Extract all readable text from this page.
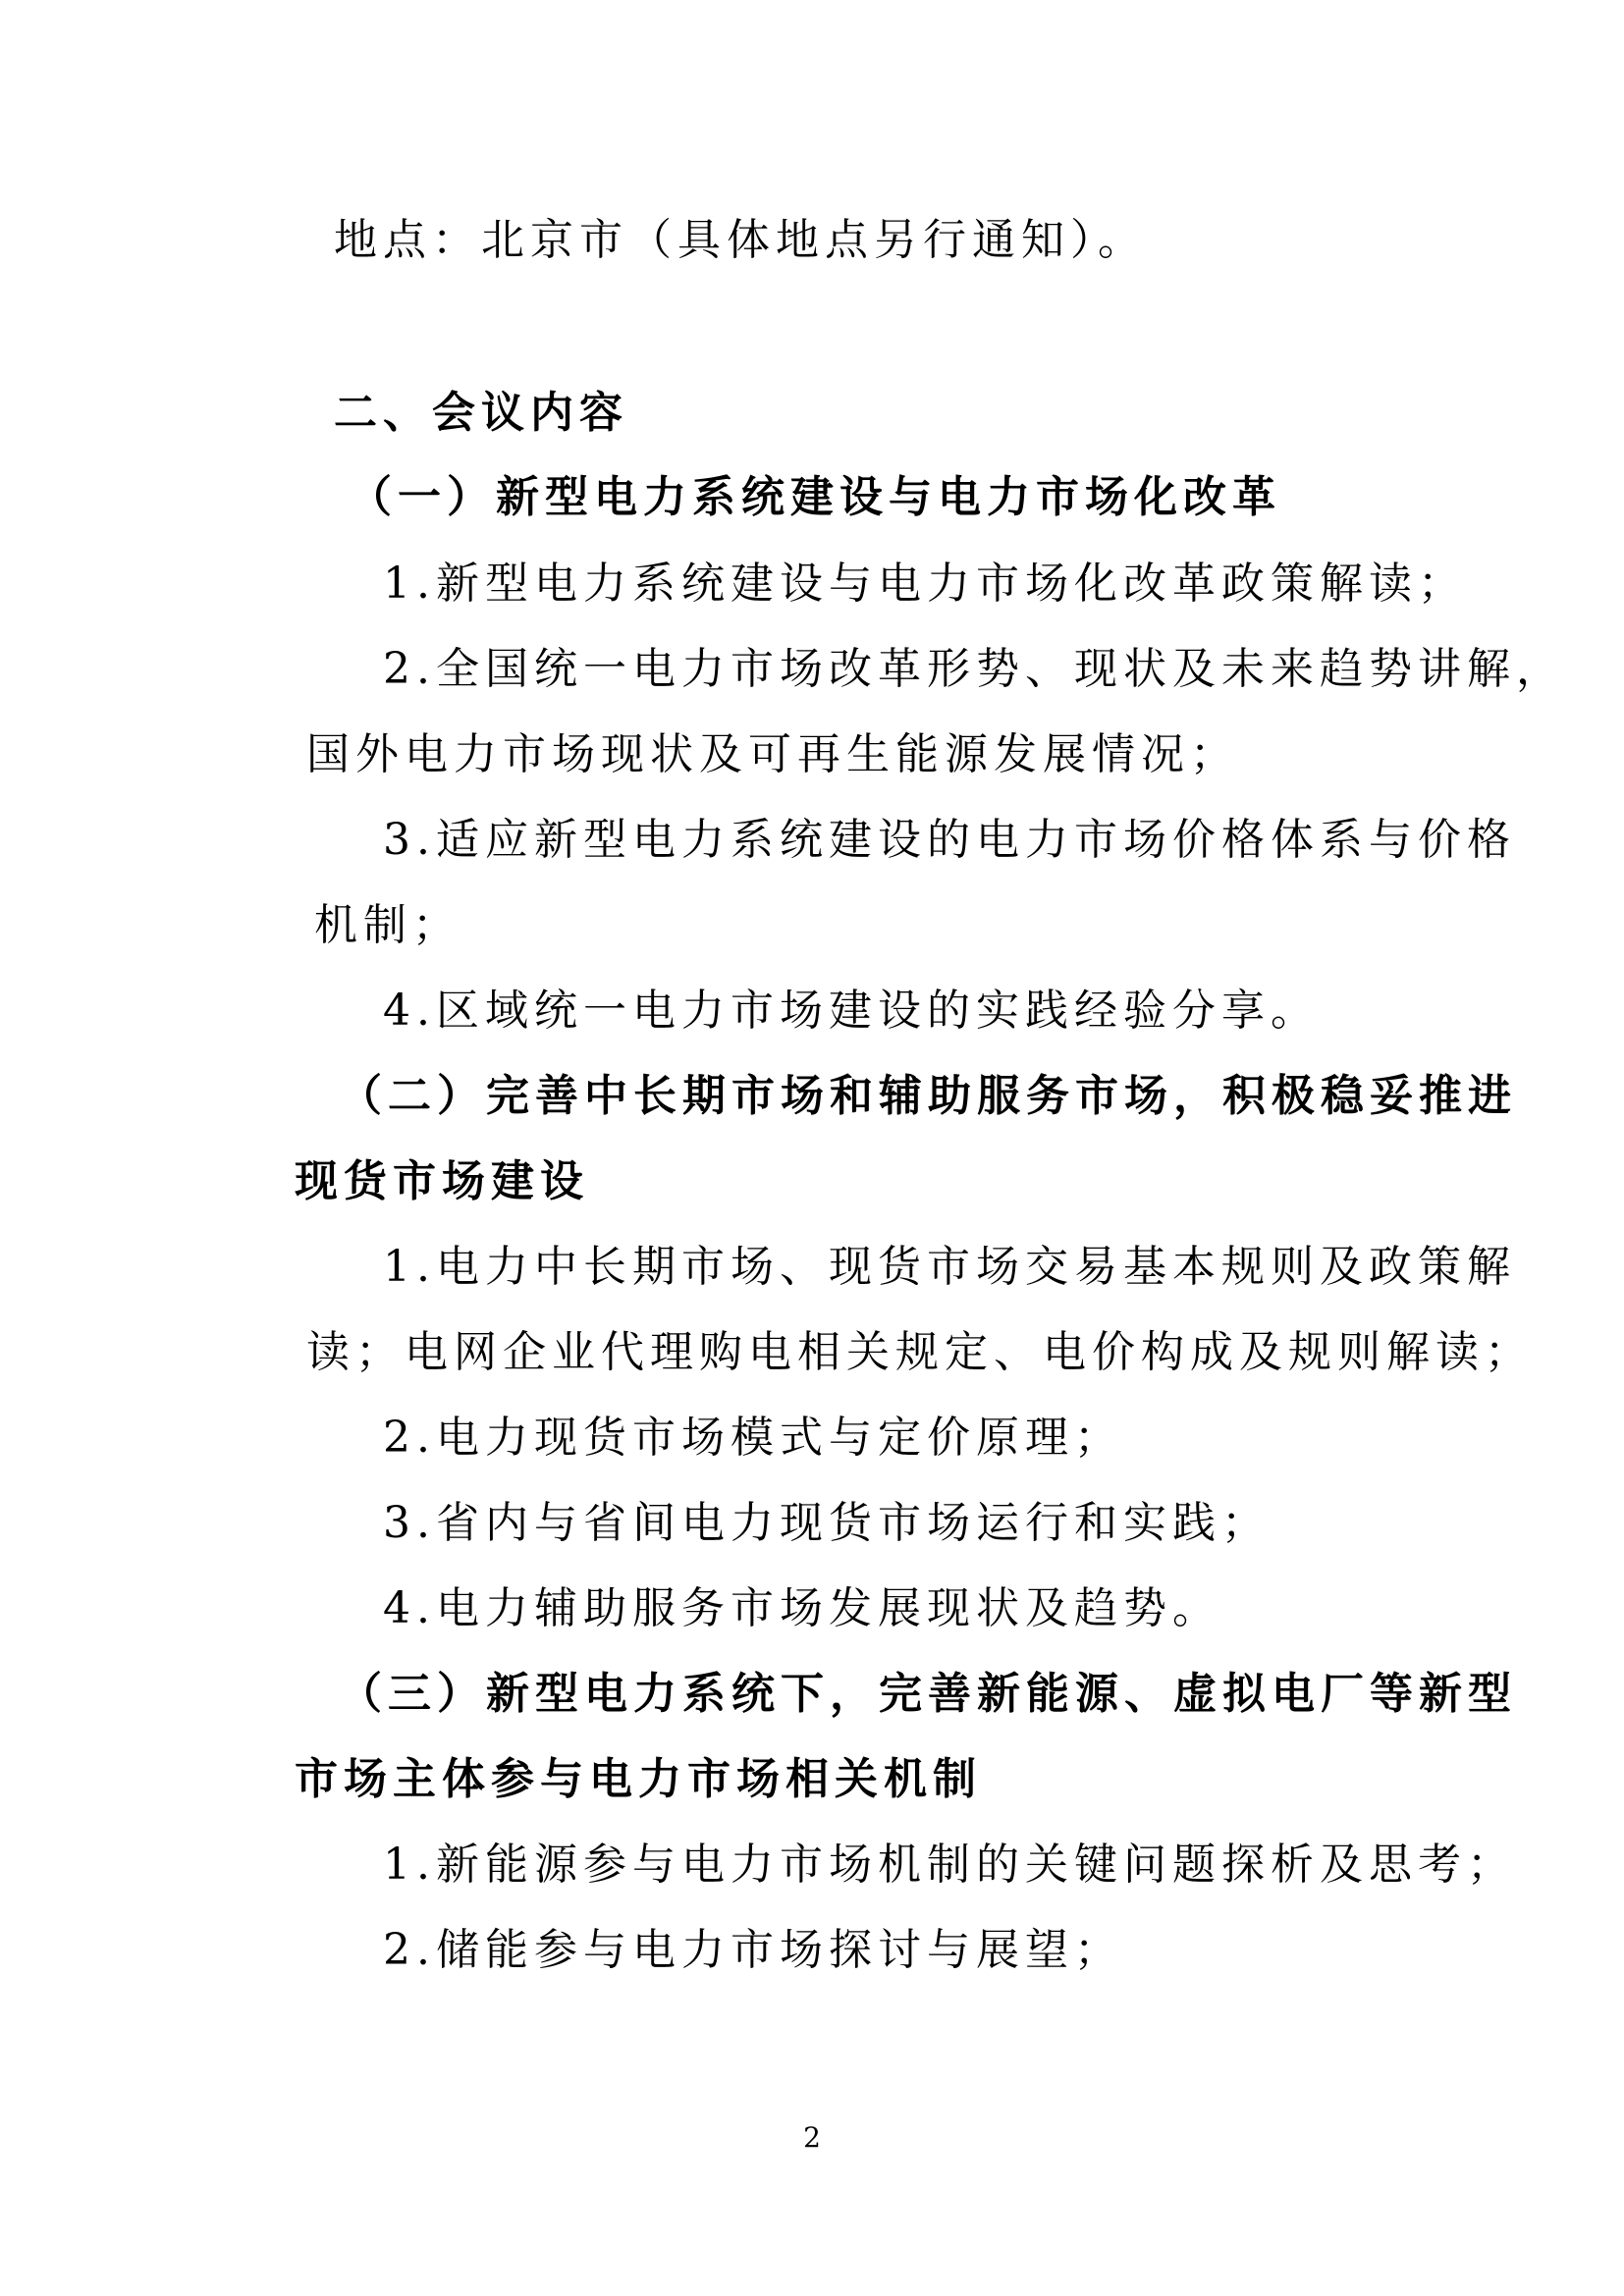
地点：北京市（具体地点另行通知）。
二、会议内容
（一）新型电力系统建设与电力市场化改革
1.新型电力系统建设与电力市场化改革政策解读；
2.全国统一电力市场改革形势、现状及未来趋势讲解，
国外电力市场现状及可再生能源发展情况；
3.适应新型电力系统建设的电力市场价格体系与价格
机制；
4.区域统一电力市场建设的实践经验分享。
（二）完善中长期市场和辅助服务市场，积极稳妥推进
现货市场建设
1.电力中长期市场、现货市场交易基本规则及政策解
读；电网企业代理购电相关规定、电价构成及规则解读；
2.电力现货市场模式与定价原理；
3.省内与省间电力现货市场运行和实践；
4.电力辅助服务市场发展现状及趋势。
（三）新型电力系统下，完善新能源、虚拟电厂等新型
市场主体参与电力市场相关机制
1.新能源参与电力市场机制的关键问题探析及思考；
2.储能参与电力市场探讨与展望；
2
